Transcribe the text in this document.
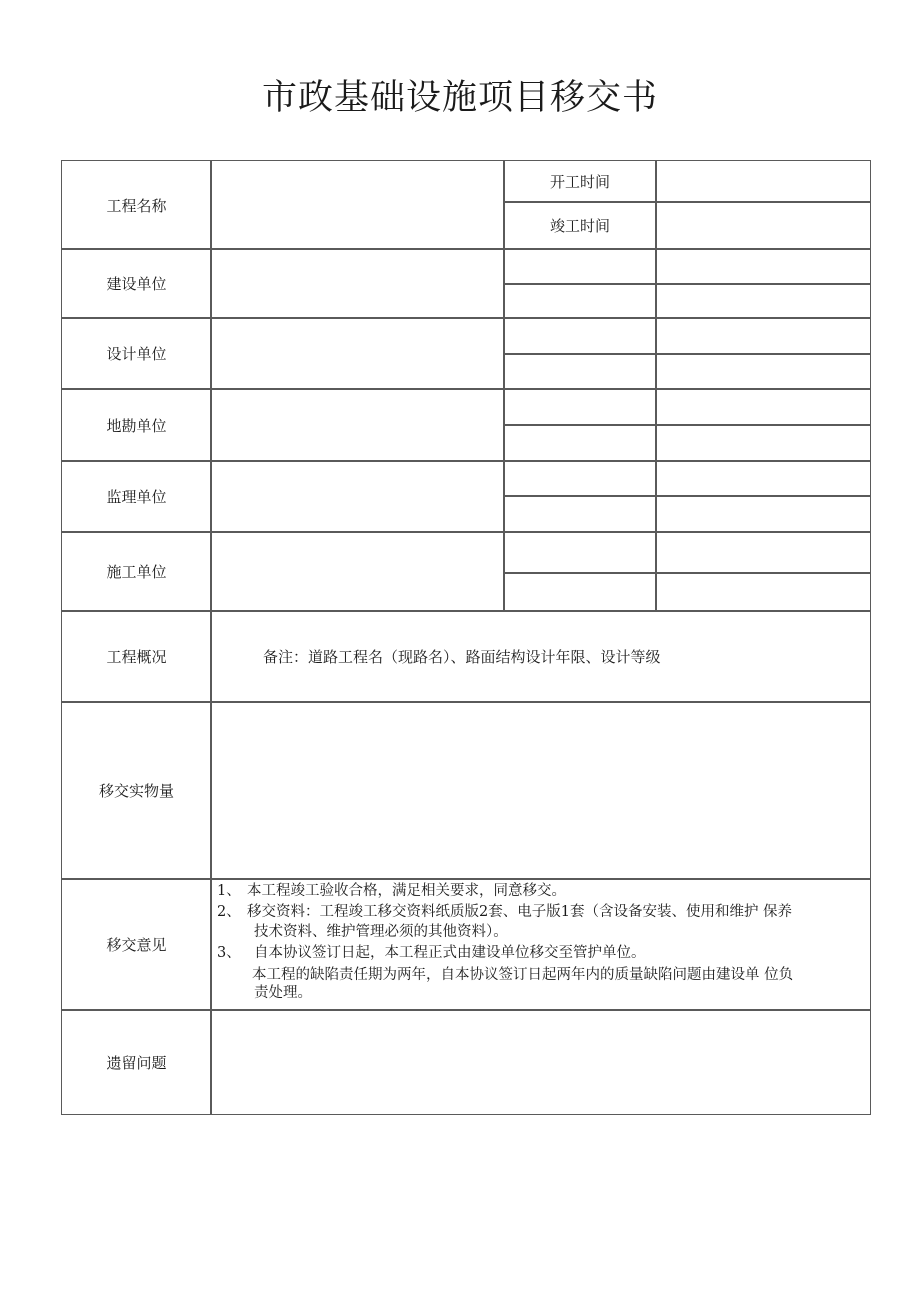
市政基础设施项目移交书
工程名称
开工时间
竣工时间
建设单位
设计单位
地勘单位
监理单位
施工单位
工程概况	备注：道路工程名（现路名）、路面结构设计年限、设计等级
移交实物量
移交意见
1、 本工程竣工验收合格，满足相关要求，同意移交。
2、 移交资料：工程竣工移交资料纸质版2套、电子版1套（含设备安装、使用和维护 保养
技术资料、维护管理必须的其他资料）。
3、 自本协议签订日起，本工程正式由建设单位移交至管护单位。
本工程的缺陷责任期为两年，自本协议签订日起两年内的质量缺陷问题由建设单 位负
责处理。
遗留问题
